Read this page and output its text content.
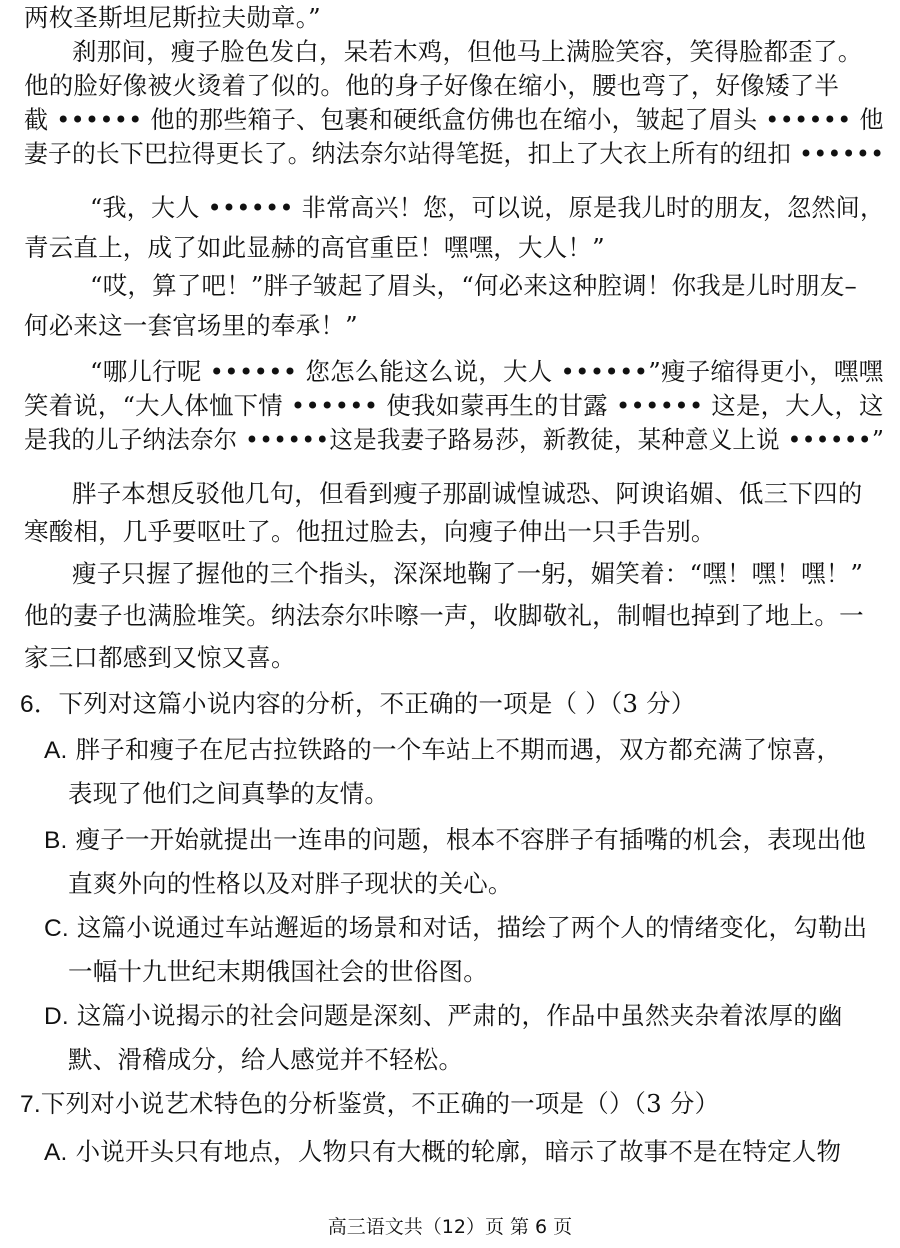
两枚圣斯坦尼斯拉夫勋章。”
刹那间，瘦子脸色发白，呆若木鸡，但他马上满脸笑容，笑得脸都歪了。
他的脸好像被火烫着了似的。他的身子好像在缩小，腰也弯了，好像矮了半
截 •••••• 他的那些箱子、包裹和硬纸盒仿佛也在缩小，皱起了眉头 •••••• 他
妻子的长下巴拉得更长了。纳法奈尔站得笔挺，扣上了大衣上所有的纽扣 ••••••
“我，大人 •••••• 非常高兴！您，可以说，原是我儿时的朋友，忽然间，
青云直上，成了如此显赫的高官重臣！嘿嘿，大人！”
“哎，算了吧！”胖子皱起了眉头，“何必来这种腔调！你我是儿时朋友–
何必来这一套官场里的奉承！”
“哪儿行呢 •••••• 您怎么能这么说，大人 ••••••”瘦子缩得更小，嘿嘿
笑着说，“大人体恤下情 •••••• 使我如蒙再生的甘露 •••••• 这是，大人，这
是我的儿子纳法奈尔 ••••••这是我妻子路易莎，新教徒，某种意义上说 ••••••”
胖子本想反驳他几句，但看到瘦子那副诚惶诚恐、阿谀谄媚、低三下四的
寒酸相，几乎要呕吐了。他扭过脸去，向瘦子伸出一只手告别。
瘦子只握了握他的三个指头，深深地鞠了一躬，媚笑着：“嘿！嘿！嘿！”
他的妻子也满脸堆笑。纳法奈尔咔嚓一声，收脚敬礼，制帽也掉到了地上。一
家三口都感到又惊又喜。
6．下列对这篇小说内容的分析，不正确的一项是（ ）（3 分）
A. 胖子和瘦子在尼古拉铁路的一个车站上不期而遇，双方都充满了惊喜，
表现了他们之间真挚的友情。
B. 瘦子一开始就提出一连串的问题，根本不容胖子有插嘴的机会，表现出他
直爽外向的性格以及对胖子现状的关心。
C. 这篇小说通过车站邂逅的场景和对话，描绘了两个人的情绪变化，勾勒出
一幅十九世纪末期俄国社会的世俗图。
D. 这篇小说揭示的社会问题是深刻、严肃的，作品中虽然夹杂着浓厚的幽
默、滑稽成分，给人感觉并不轻松。
7.下列对小说艺术特色的分析鉴赏，不正确的一项是（）（3 分）
A. 小说开头只有地点，人物只有大概的轮廓，暗示了故事不是在特定人物
高三语文共（12）页 第 6 页
